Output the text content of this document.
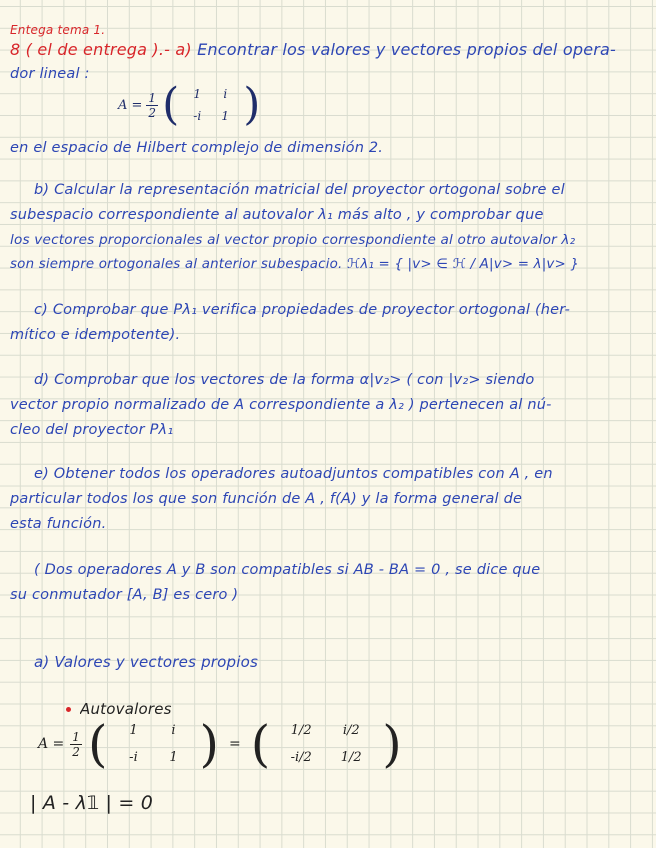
Entega tema 1.
8 ( el de entrega ).- a) Encontrar los valores y vectores propios del opera-
dor lineal :
$A = \frac{1}{2}$ (	1	i
-i	1 )
en el espacio de Hilbert complejo de dimensión 2.
b) Calcular la representación matricial del proyector ortogonal sobre el
subespacio correspondiente al autovalor λ₁ más alto , y comprobar que
los vectores proporcionales al vector propio correspondiente al otro autovalor λ₂
son siempre ortogonales al anterior subespacio. ℋλ₁ = { |v> ∈ ℋ / A|v> = λ|v> }
c) Comprobar que Pλ₁ verifica propiedades de proyector ortogonal (her-
mítico e idempotente).
d) Comprobar que los vectores de la forma α|v₂> ( con |v₂> siendo
vector propio normalizado de A correspondiente a λ₂ ) pertenecen al nú-
cleo del proyector Pλ₁
e) Obtener todos los operadores autoadjuntos compatibles con A , en
particular todos los que son función de A , f(A) y la forma general de
esta función.
( Dos operadores A y B son compatibles si AB - BA = 0 , se dice que
su conmutador [A, B] es cero )
a) Valores y vectores propios
Autovalores
$A = \frac{1}{2}$ (	1	i
-i	1 ) = (	1/2	i/2
-i/2	1/2 )
| A - λ𝟙 | = 0
